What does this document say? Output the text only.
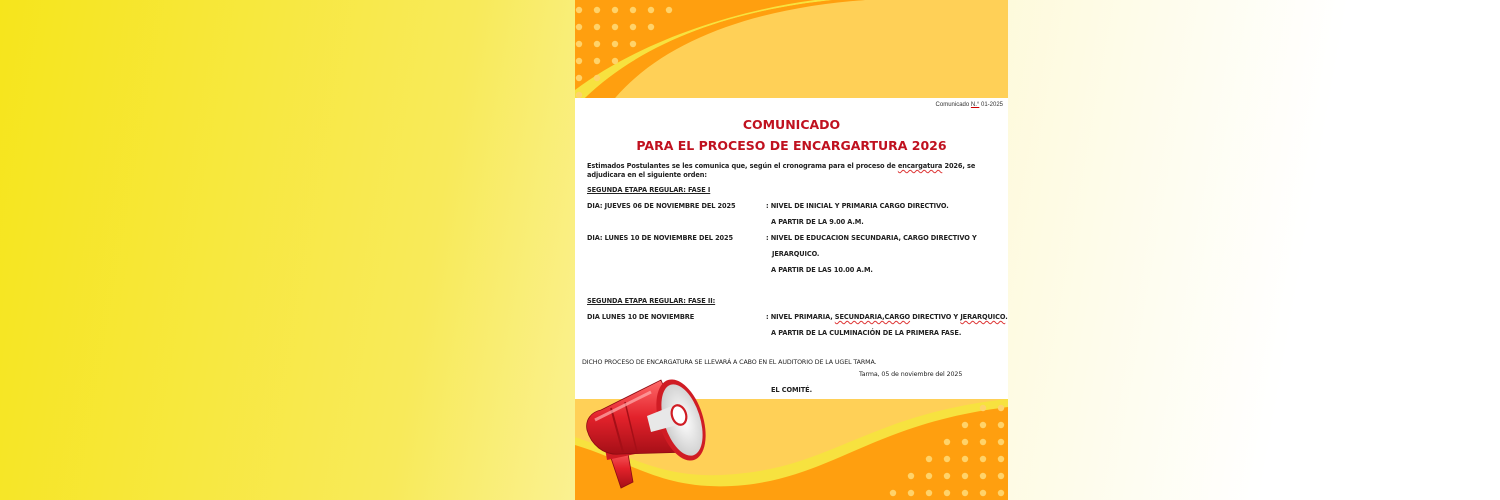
Comunicado N.° 01-2025
COMUNICADO
PARA EL PROCESO DE ENCARGARTURA 2026
Estimados Postulantes se les comunica que, según el cronograma para el proceso de encargatura 2026, se adjudicara en el siguiente orden:
SEGUNDA ETAPA REGULAR: FASE I
DIA: JUEVES 06 DE NOVIEMBRE DEL 2025	: NIVEL DE INICIAL Y PRIMARIA CARGO DIRECTIVO.
A PARTIR DE LA 9.00 A.M.
DIA: LUNES 10 DE NOVIEMBRE DEL 2025	: NIVEL DE EDUCACION SECUNDARIA, CARGO DIRECTIVO Y
JERARQUICO.
A PARTIR DE LAS 10.00 A.M.
SEGUNDA ETAPA REGULAR: FASE II:
DIA LUNES 10 DE NOVIEMBRE	: NIVEL PRIMARIA, SECUNDARIA,CARGO DIRECTIVO Y JERARQUICO.
A PARTIR DE LA CULMINACIÓN DE LA PRIMERA FASE.
DICHO PROCESO DE ENCARGATURA SE LLEVARÁ A CABO EN EL AUDITORIO DE LA UGEL TARMA.
Tarma, 05 de noviembre del 2025
EL COMITÉ.
